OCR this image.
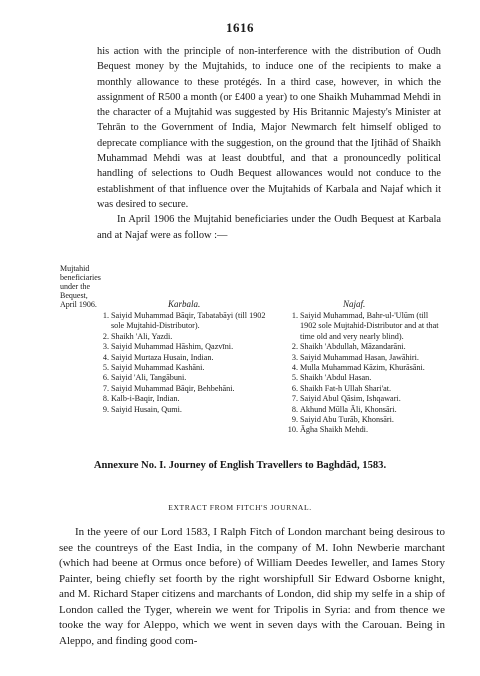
1616

his action with the principle of non-interference with the distribution of Oudh Bequest money by the Mujtahids, to induce one of the recipients to make a monthly allowance to these protégés. In a third case, however, in which the assignment of R500 a month (or £400 a year) to one Shaikh Muhammad Mehdi in the character of a Mujtahid was suggested by His Britannic Majesty's Minister at Tehrān to the Government of India, Major Newmarch felt himself obliged to deprecate compliance with the suggestion, on the ground that the Ijtihād of Shaikh Muhammad Mehdi was at least doubtful, and that a pronouncedly political handling of selections to Oudh Bequest allowances would not conduce to the establishment of that influence over the Mujtahids of Karbala and Najaf which it was desired to secure.

In April 1906 the Mujtahid beneficiaries under the Oudh Bequest at Karbala and at Najaf were as follow :—

Mujtahid beneficiaries under the Bequest, April 1906.	Karbala.	Najaf.
1 . Saiyid Muhammad Bāqir, Tabatabāyi (till 1902 sole Mujtahid-Distributor).
2 . Shaikh 'Ali, Yazdi.
3 . Saiyid Muhammad Hāshim, Qazvīni.
4 . Saiyid Murtaza Husain, Indian.
5 . Saiyid Muhammad Kashāni.
6 . Saiyid 'Ali, Tangābuni.
7 . Saiyid Muhammad Bāqir, Behbehāni.
8 . Kalb-i-Baqir, Indian.
9 . Saiyid Husain, Qumi.
1 . Saiyid Muhammad, Bahr-ul-'Ulūm (till 1902 sole Mujtahid-Distributor and at that time old and very nearly blind).
2 . Shaikh 'Abdullah, Māzandarāni.
3 . Saiyid Muhammad Hasan, Jawāhiri.
4 . Mulla Muhammad Kāzim, Khurāsāni.
5 . Shaikh 'Abdul Hasan.
6 . Shaikh Fat-h Ullah Shari'at.
7 . Saiyid Abul Qāsim, Ishqawari.
8 . Akhund Mūlla Āli, Khonsāri.
9 . Saiyid Abu Turāb, Khonsāri.
10 . Āgha Shaikh Mehdi.
Annexure No. I. Journey of English Travellers to Baghdād, 1583.
EXTRACT FROM FITCH'S JOURNAL.

In the yeere of our Lord 1583, I Ralph Fitch of London marchant being desirous to see the countreys of the East India, in the company of M. Iohn Newberie marchant (which had beene at Ormus once before) of William Deedes Ieweller, and Iames Story Painter, being chiefly set foorth by the right worshipfull Sir Edward Osborne knight, and M. Richard Staper citizens and marchants of London, did ship my selfe in a ship of London called the Tyger, wherein we went for Tripolis in Syria: and from thence we tooke the way for Aleppo, which we went in seven days with the Carouan. Being in Aleppo, and finding good com-
